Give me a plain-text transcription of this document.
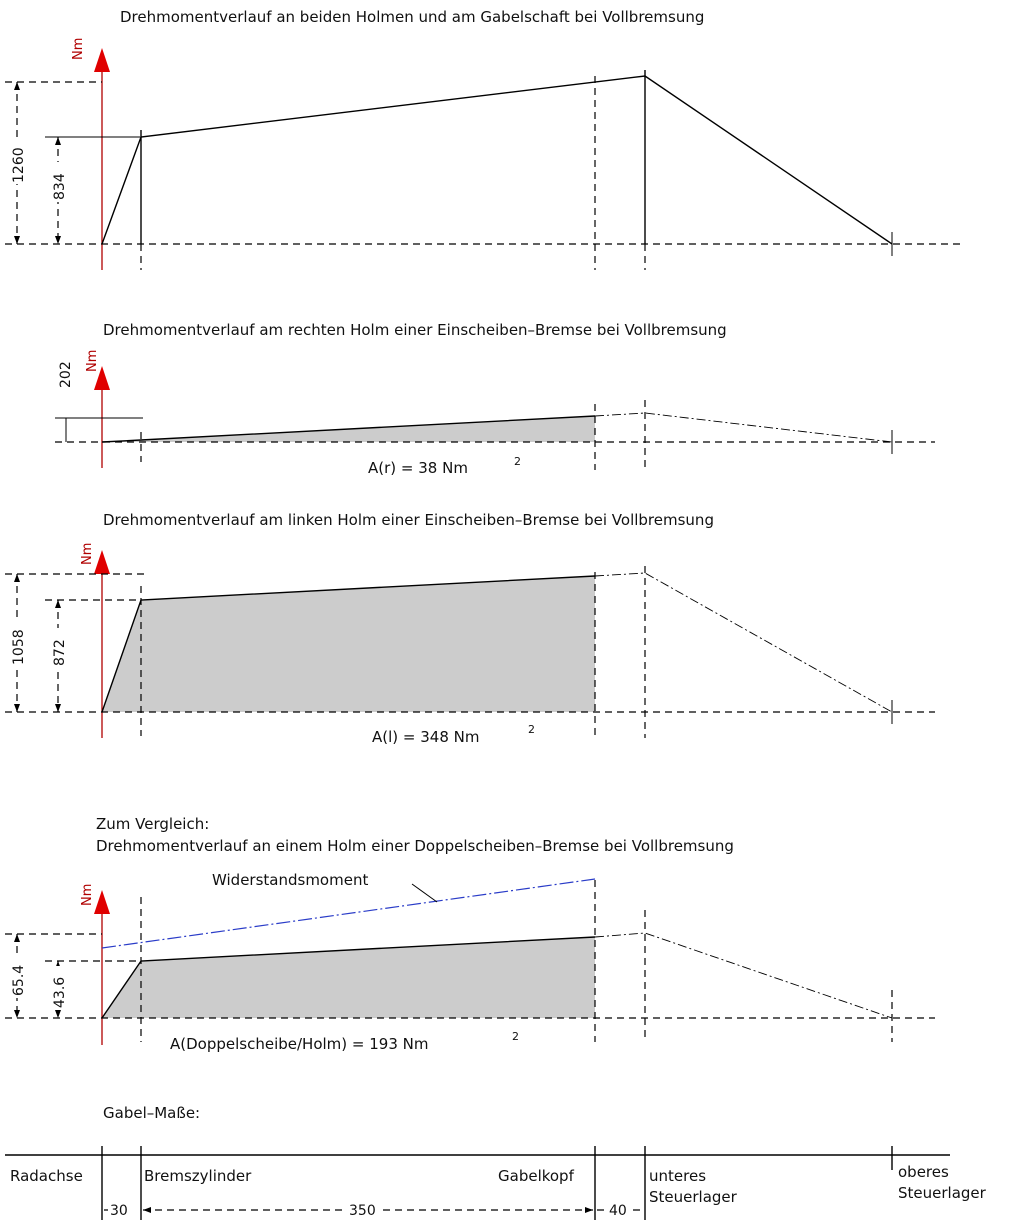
Drehmomentverlauf an beiden Holmen und am Gabelschaft bei Vollbremsung
Nm
1260
834
Drehmomentverlauf am rechten Holm einer Einscheiben–Bremse bei Vollbremsung
Nm
202
A(r) = 38 Nm	2
Drehmomentverlauf am linken Holm einer Einscheiben–Bremse bei Vollbremsung
Nm
1058 872
A(l) = 348 Nm	2
Zum Vergleich:
Drehmomentverlauf an einem Holm einer Doppelscheiben–Bremse bei Vollbremsung
Nm
65.4 43.6
Widerstandsmoment
A(Doppelscheibe/Holm) = 193 Nm	2
Gabel–Maße:
Radachse	Bremszylinder	Gabelkopf	unteres
Steuerlager
oberes
Steuerlager
30	350	40
